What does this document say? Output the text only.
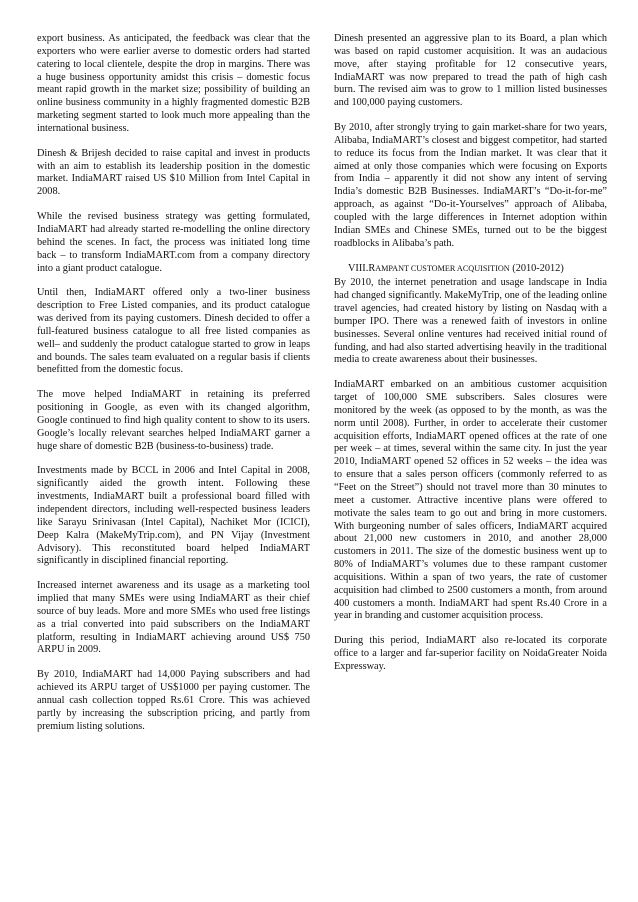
export business. As anticipated, the feedback was clear that the exporters who were earlier averse to domestic orders had started catering to local clientele, despite the drop in margins. There was a huge business opportunity amidst this crisis – domestic focus meant rapid growth in the market size; possibility of building an online business community in a highly fragmented domestic B2B marketing segment started to look much more appealing than the international business.

Dinesh & Brijesh decided to raise capital and invest in products with an aim to establish its leadership position in the domestic market. IndiaMART raised US $10 Million from Intel Capital in 2008.

While the revised business strategy was getting formulated, IndiaMART had already started re-modelling the online directory behind the scenes. In fact, the process was initiated long time back – to transform IndiaMART.com from a company directory into a giant product catalogue.

Until then, IndiaMART offered only a two-liner business description to Free Listed companies, and its product catalogue was derived from its paying customers. Dinesh decided to offer a full-featured business catalogue to all free listed companies as well– and suddenly the product catalogue started to grow in leaps and bounds. The sales team evaluated on a regular basis if clients benefitted from the domestic focus.

The move helped IndiaMART in retaining its preferred positioning in Google, as even with its changed algorithm, Google continued to find high quality content to show to its users. Google’s locally relevant searches helped IndiaMART garner a huge share of domestic B2B (business-to-business) trade.

Investments made by BCCL in 2006 and Intel Capital in 2008, significantly aided the growth intent. Following these investments, IndiaMART built a professional board filled with independent directors, including well-respected business leaders like Sarayu Srinivasan (Intel Capital), Nachiket Mor (ICICI), Deep Kalra (MakeMyTrip.com), and PN Vijay (Investment Advisory). This reconstituted board helped IndiaMART significantly in disciplined financial reporting.

Increased internet awareness and its usage as a marketing tool implied that many SMEs were using IndiaMART as their chief source of buy leads. More and more SMEs who used free listings as a trial converted into paid subscribers on the IndiaMART platform, resulting in IndiaMART achieving around US$ 750 ARPU in 2009.

By 2010, IndiaMART had 14,000 Paying subscribers and had achieved its ARPU target of US$1000 per paying customer. The annual cash collection topped Rs.61 Crore. This was achieved partly by increasing the subscription pricing, and partly from premium listing solutions.

Dinesh presented an aggressive plan to its Board, a plan which was based on rapid customer acquisition. It was an audacious move, after staying profitable for 12 consecutive years, IndiaMART was now prepared to tread the path of high cash burn. The revised aim was to grow to 1 million listed businesses and 100,000 paying customers.

By 2010, after strongly trying to gain market-share for two years, Alibaba, IndiaMART’s closest and biggest competitor, had started to reduce its focus from the Indian market. It was clear that it aimed at only those companies which were focusing on Exports from India – apparently it did not show any intent of serving India’s domestic B2B Businesses. IndiaMART’s “Do-it-for-me” approach, as against “Do-it-Yourselves” approach of Alibaba, coupled with the large differences in Internet adoption within Indian SMEs and Chinese SMEs, turned out to be the biggest roadblocks in Alibaba’s path.

VIII.RAMPANT CUSTOMER ACQUISITION (2010-2012)

By 2010, the internet penetration and usage landscape in India had changed significantly. MakeMyTrip, one of the leading online travel agencies, had created history by listing on Nasdaq with a bumper IPO. There was a renewed faith of investors in online businesses. Several online ventures had received initial round of funding, and had also started advertising heavily in the traditional media to create awareness about their businesses.

IndiaMART embarked on an ambitious customer acquisition target of 100,000 SME subscribers. Sales closures were monitored by the week (as opposed to by the month, as was the norm until 2008). Further, in order to accelerate their customer acquisition efforts, IndiaMART opened offices at the rate of one per week – at times, several within the same city. In just the year 2010, IndiaMART opened 52 offices in 52 weeks – the idea was to ensure that a sales person officers (commonly referred to as “Feet on the Street”) should not travel more than 30 minutes to meet a customer. Attractive incentive plans were offered to motivate the sales team to go out and bring in more customers. With burgeoning number of sales officers, IndiaMART acquired about 21,000 new customers in 2010, and another 28,000 customers in 2011. The size of the domestic business went up to 80% of IndiaMART’s volumes due to these rampant customer acquisitions. Within a span of two years, the rate of customer acquisition had climbed to 2500 customers a month, from around 400 customers a month. IndiaMART had spent Rs.40 Crore in a year in branding and customer acquisition process.

During this period, IndiaMART also re-located its corporate office to a larger and far-superior facility on NoidaGreater Noida Expressway.
